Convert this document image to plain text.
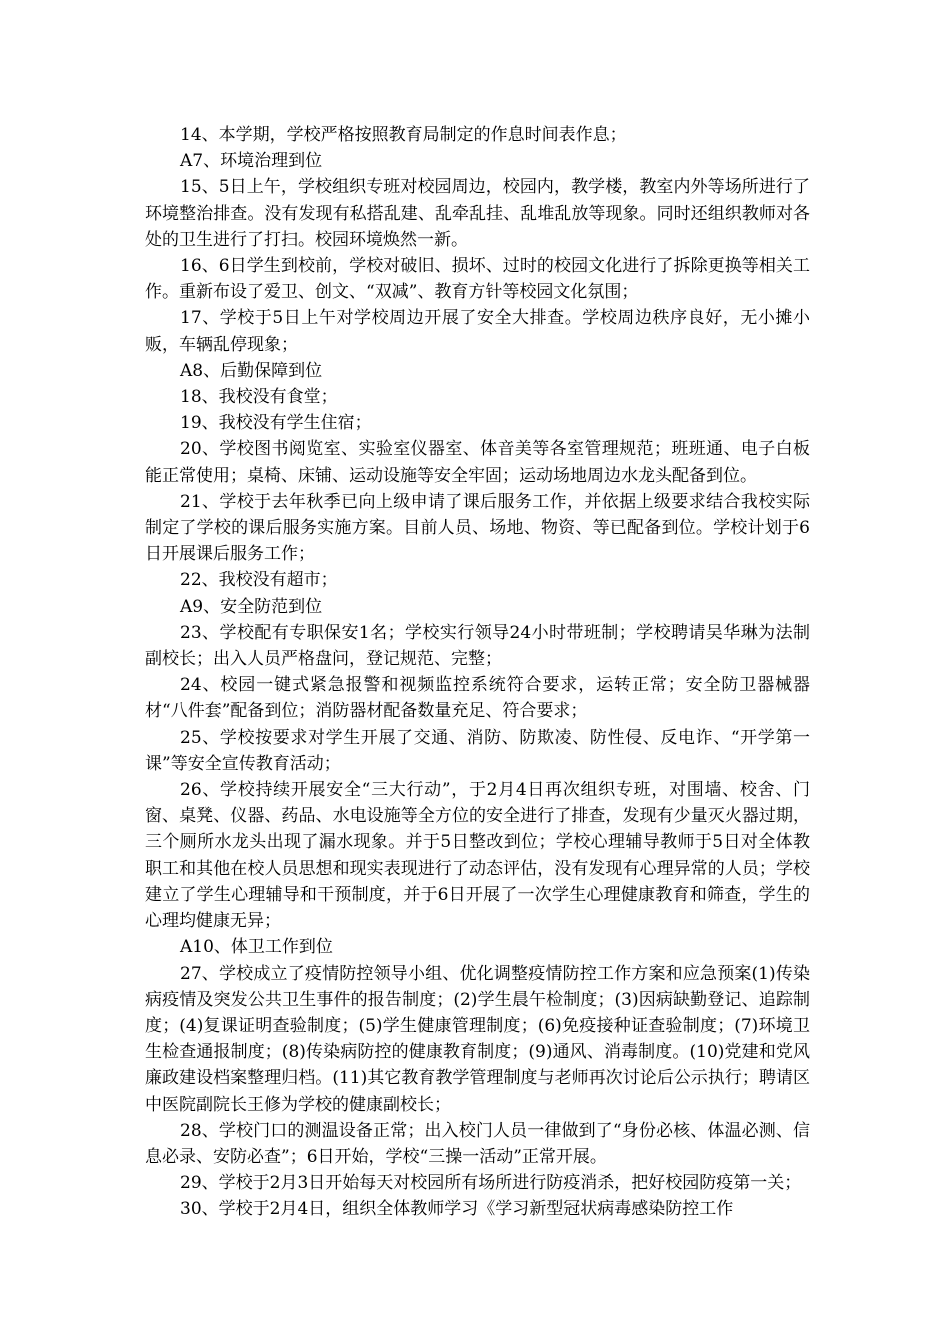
14、本学期，学校严格按照教育局制定的作息时间表作息；

A7、环境治理到位

15、5日上午，学校组织专班对校园周边，校园内，教学楼，教室内外等场所进行了环境整治排查。没有发现有私搭乱建、乱牵乱挂、乱堆乱放等现象。同时还组织教师对各处的卫生进行了打扫。校园环境焕然一新。

16、6日学生到校前，学校对破旧、损坏、过时的校园文化进行了拆除更换等相关工作。重新布设了爱卫、创文、“双减”、教育方针等校园文化氛围；

17、学校于5日上午对学校周边开展了安全大排查。学校周边秩序良好，无小摊小贩，车辆乱停现象；

A8、后勤保障到位

18、我校没有食堂；

19、我校没有学生住宿；

20、学校图书阅览室、实验室仪器室、体音美等各室管理规范；班班通、电子白板能正常使用；桌椅、床铺、运动设施等安全牢固；运动场地周边水龙头配备到位。

21、学校于去年秋季已向上级申请了课后服务工作，并依据上级要求结合我校实际制定了学校的课后服务实施方案。目前人员、场地、物资、等已配备到位。学校计划于6日开展课后服务工作；

22、我校没有超市；

A9、安全防范到位

23、学校配有专职保安1名；学校实行领导24小时带班制；学校聘请吴华琳为法制副校长；出入人员严格盘问，登记规范、完整；

24、校园一键式紧急报警和视频监控系统符合要求，运转正常；安全防卫器械器材“八件套”配备到位；消防器材配备数量充足、符合要求；

25、学校按要求对学生开展了交通、消防、防欺凌、防性侵、反电诈、“开学第一课”等安全宣传教育活动；

26、学校持续开展安全“三大行动”，于2月4日再次组织专班，对围墙、校舍、门窗、桌凳、仪器、药品、水电设施等全方位的安全进行了排查，发现有少量灭火器过期，三个厕所水龙头出现了漏水现象。并于5日整改到位；学校心理辅导教师于5日对全体教职工和其他在校人员思想和现实表现进行了动态评估，没有发现有心理异常的人员；学校建立了学生心理辅导和干预制度，并于6日开展了一次学生心理健康教育和筛查，学生的心理均健康无异；

A10、体卫工作到位

27、学校成立了疫情防控领导小组、优化调整疫情防控工作方案和应急预案(1)传染病疫情及突发公共卫生事件的报告制度；(2)学生晨午检制度；(3)因病缺勤登记、追踪制度；(4)复课证明查验制度；(5)学生健康管理制度；(6)免疫接种证查验制度；(7)环境卫生检查通报制度；(8)传染病防控的健康教育制度；(9)通风、消毒制度。(10)党建和党风廉政建设档案整理归档。(11)其它教育教学管理制度与老师再次讨论后公示执行；聘请区中医院副院长王修为学校的健康副校长；

28、学校门口的测温设备正常；出入校门人员一律做到了“身份必核、体温必测、信息必录、安防必查”；6日开始，学校“三操一活动”正常开展。

29、学校于2月3日开始每天对校园所有场所进行防疫消杀，把好校园防疫第一关；

30、学校于2月4日，组织全体教师学习《学习新型冠状病毒感染防控工作
